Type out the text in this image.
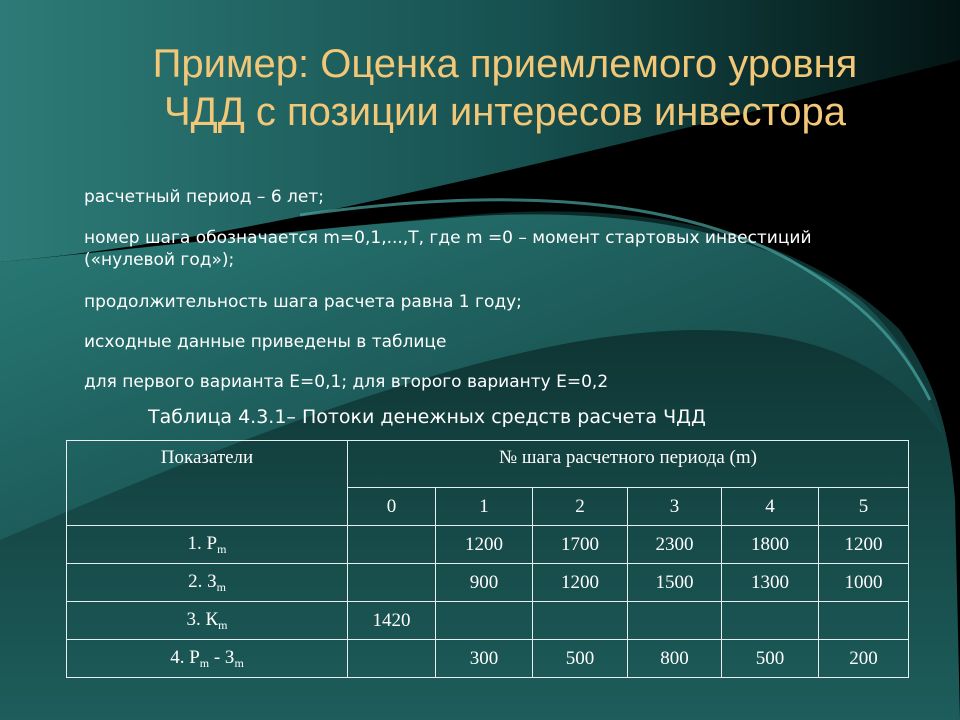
Пример: Оценка приемлемого уровня
ЧДД с позиции интересов инвестора

расчетный период – 6 лет;

номер шага обозначается m=0,1,...,T, где m =0 – момент стартовых инвестиций («нулевой год»);

продолжительность шага расчета равна 1 году;

исходные данные приведены в таблице

для первого варианта Е=0,1; для второго варианту Е=0,2

Таблица 4.3.1– Потоки денежных средств расчета ЧДД
Показатели	№ шага расчетного периода (m)					
	0	1	2	3	4	5
1. $Р_m$		1200	1700	2300	1800	1200
2. $З_m$		900	1200	1500	1300	1000
3. $К_m$	1420					
4. $Р_m - З_m$		300	500	800	500	200
